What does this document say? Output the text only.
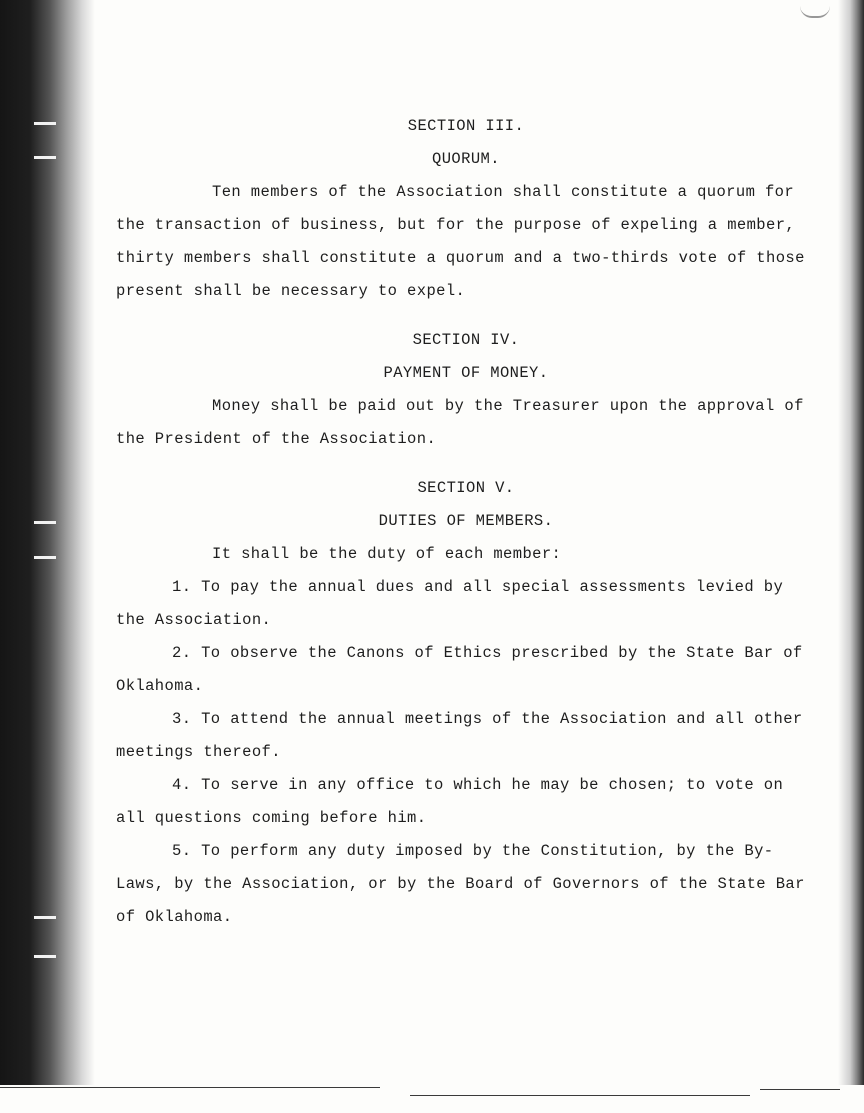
SECTION III.

QUORUM.

Ten members of the Association shall constitute a quorum for the transaction of business, but for the purpose of expeling a member, thirty members shall constitute a quorum and a two-thirds vote of those present shall be necessary to expel.

SECTION IV.

PAYMENT OF MONEY.

Money shall be paid out by the Treasurer upon the approval of the President of the Association.

SECTION V.

DUTIES OF MEMBERS.

It shall be the duty of each member:

1. To pay the annual dues and all special assessments levied by the Association.

2. To observe the Canons of Ethics prescribed by the State Bar of Oklahoma.

3. To attend the annual meetings of the Association and all other meetings thereof.

4. To serve in any office to which he may be chosen; to vote on all questions coming before him.

5. To perform any duty imposed by the Constitution, by the By-Laws, by the Association, or by the Board of Governors of the State Bar of Oklahoma.
